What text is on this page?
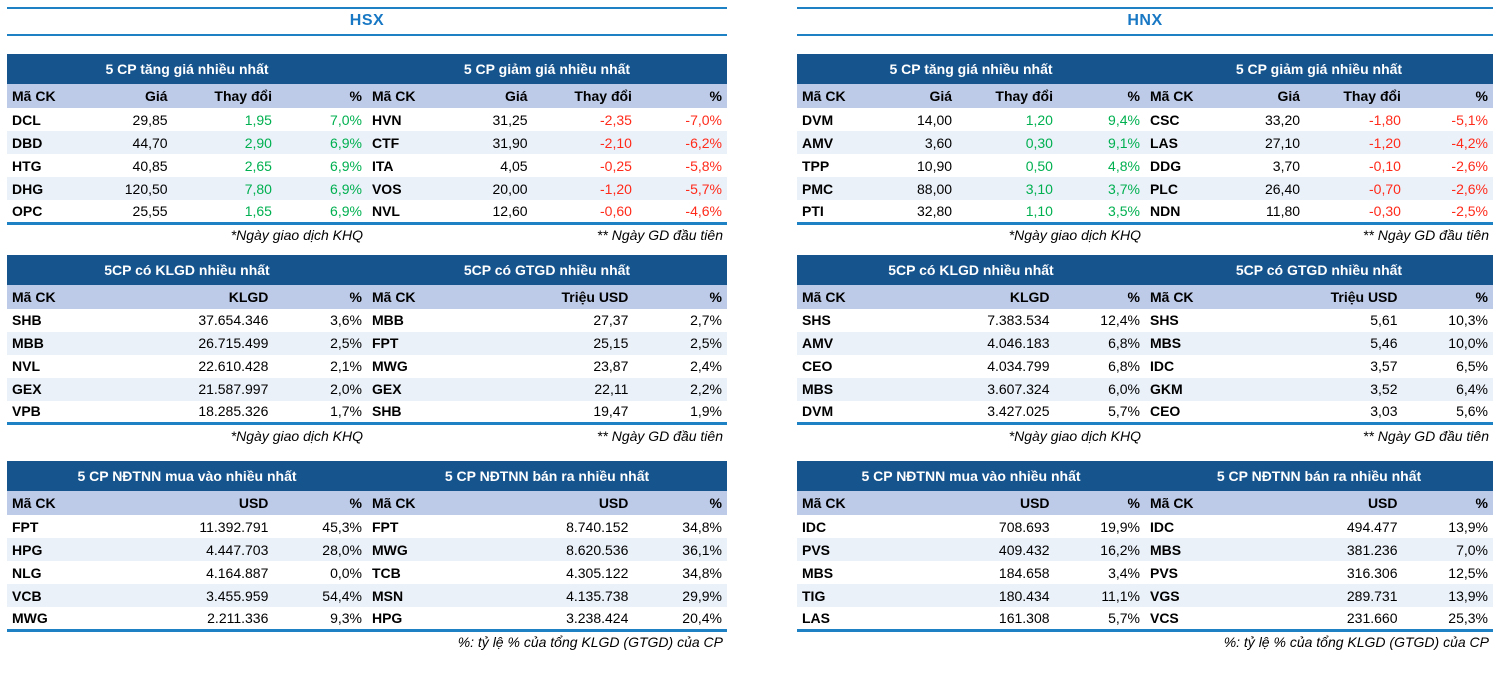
HSX
5 CP tăng giá nhiều nhất				5 CP giảm giá nhiều nhất			
Mã CK	Giá	Thay đổi	%	Mã CK	Giá	Thay đổi	%
DCL	29,85	1,95	7,0%	HVN	31,25	-2,35	-7,0%
DBD	44,70	2,90	6,9%	CTF	31,90	-2,10	-6,2%
HTG	40,85	2,65	6,9%	ITA	4,05	-0,25	-5,8%
DHG	120,50	7,80	6,9%	VOS	20,00	-1,20	-5,7%
OPC	25,55	1,65	6,9%	NVL	12,60	-0,60	-4,6%
*Ngày giao dịch KHQ	** Ngày GD đầu tiên
5CP có KLGD nhiều nhất			5CP có GTGD nhiều nhất		
Mã CK	KLGD	%	Mã CK	Triệu USD	%
SHB	37.654.346	3,6%	MBB	27,37	2,7%
MBB	26.715.499	2,5%	FPT	25,15	2,5%
NVL	22.610.428	2,1%	MWG	23,87	2,4%
GEX	21.587.997	2,0%	GEX	22,11	2,2%
VPB	18.285.326	1,7%	SHB	19,47	1,9%
*Ngày giao dịch KHQ	** Ngày GD đầu tiên
5 CP NĐTNN mua vào nhiều nhất			5 CP NĐTNN bán ra nhiều nhất		
Mã CK	USD	%	Mã CK	USD	%
FPT	11.392.791	45,3%	FPT	8.740.152	34,8%
HPG	4.447.703	28,0%	MWG	8.620.536	36,1%
NLG	4.164.887	0,0%	TCB	4.305.122	34,8%
VCB	3.455.959	54,4%	MSN	4.135.738	29,9%
MWG	2.211.336	9,3%	HPG	3.238.424	20,4%
%: tỷ lệ % của tổng KLGD (GTGD) của CP
HNX
5 CP tăng giá nhiều nhất				5 CP giảm giá nhiều nhất			
Mã CK	Giá	Thay đổi	%	Mã CK	Giá	Thay đổi	%
DVM	14,00	1,20	9,4%	CSC	33,20	-1,80	-5,1%
AMV	3,60	0,30	9,1%	LAS	27,10	-1,20	-4,2%
TPP	10,90	0,50	4,8%	DDG	3,70	-0,10	-2,6%
PMC	88,00	3,10	3,7%	PLC	26,40	-0,70	-2,6%
PTI	32,80	1,10	3,5%	NDN	11,80	-0,30	-2,5%
*Ngày giao dịch KHQ	** Ngày GD đầu tiên
5CP có KLGD nhiều nhất			5CP có GTGD nhiều nhất		
Mã CK	KLGD	%	Mã CK	Triệu USD	%
SHS	7.383.534	12,4%	SHS	5,61	10,3%
AMV	4.046.183	6,8%	MBS	5,46	10,0%
CEO	4.034.799	6,8%	IDC	3,57	6,5%
MBS	3.607.324	6,0%	GKM	3,52	6,4%
DVM	3.427.025	5,7%	CEO	3,03	5,6%
*Ngày giao dịch KHQ	** Ngày GD đầu tiên
5 CP NĐTNN mua vào nhiều nhất			5 CP NĐTNN bán ra nhiều nhất		
Mã CK	USD	%	Mã CK	USD	%
IDC	708.693	19,9%	IDC	494.477	13,9%
PVS	409.432	16,2%	MBS	381.236	7,0%
MBS	184.658	3,4%	PVS	316.306	12,5%
TIG	180.434	11,1%	VGS	289.731	13,9%
LAS	161.308	5,7%	VCS	231.660	25,3%
%: tỷ lệ % của tổng KLGD (GTGD) của CP
